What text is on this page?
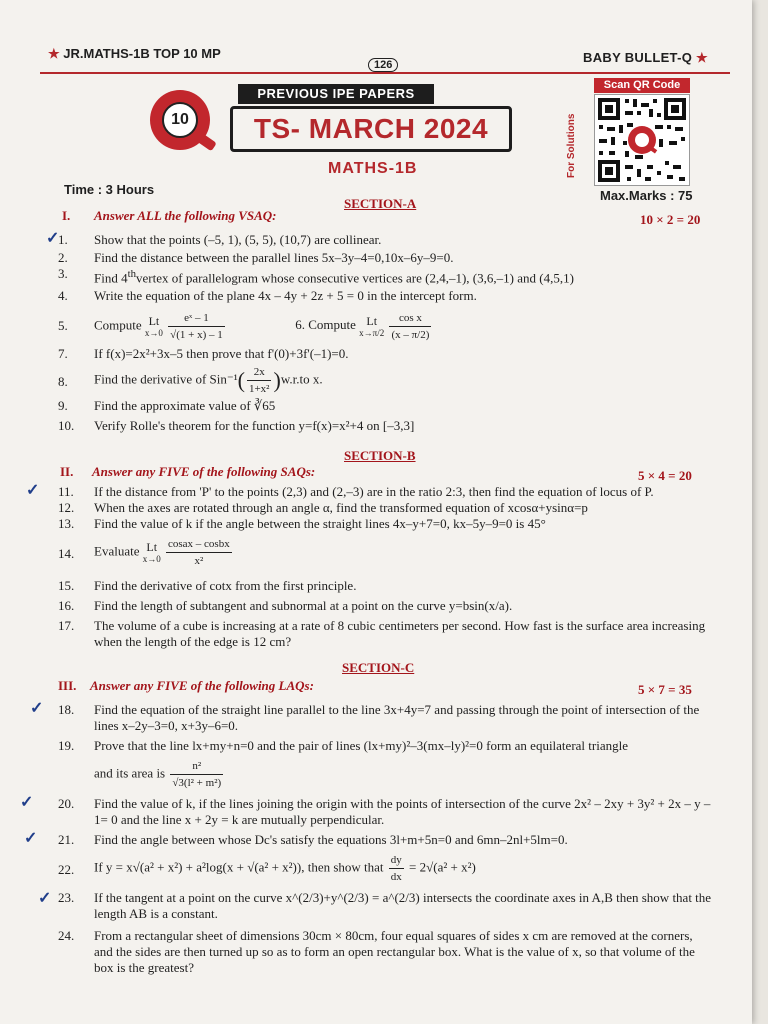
★ JR.MATHS-1B TOP 10 MP	BABY BULLET-Q ★
126
10
PREVIOUS IPE PAPERS
TS- MARCH 2024
MATHS-1B
Scan QR Code
For Solutions
Time : 3 Hours	Max.Marks : 75
SECTION-A
I. Answer ALL the following VSAQ:	10 × 2 = 20
1.	Show that the points (–5, 1), (5, 5), (10,7) are collinear.
2.	Find the distance between the parallel lines 5x–3y–4=0,10x–6y–9=0.
3.	Find 4thvertex of parallelogram whose consecutive vertices are (2,4,–1), (3,6,–1) and (4,5,1)
4.	Write the equation of the plane 4x – 4y + 2z + 5 = 0 in the intercept form.
5.	Compute Lt
x→0
$\frac{\text{eˣ – 1}}{√(1 + x) - 1}$	6. Compute Lt
x→π/2
$\frac{\text{cos x}}{(x - \pi/2)}$
7.	If f(x)=2x²+3x–5 then prove that f'(0)+3f'(–1)=0.
8.	Find the derivative of $Sin^{-1}( \frac{2x}{\text{1+x²}} )w.r.to$ x.
9.	Find the approximate value of ∛65
10.	Verify Rolle's theorem for the function y=f(x)=x²+4 on [–3,3]
SECTION-B
II. Answer any FIVE of the following SAQs:	5 × 4 = 20
11.	If the distance from 'P' to the points (2,3) and (2,–3) are in the ratio 2:3, then find the equation of locus of P.
12.	When the axes are rotated through an angle α, find the transformed equation of xcosα+ysinα=p
13.	Find the value of k if the angle between the straight lines 4x–y+7=0, kx–5y–9=0 is 45°
14.	Evaluate Lt
x→0
$\frac{\text{cosax – cosbx}}{\text{x²}}$
15.	Find the derivative of cotx from the first principle.
16.	Find the length of subtangent and subnormal at a point on the curve y=bsin(x/a).
17.	The volume of a cube is increasing at a rate of 8 cubic centimeters per second. How fast is the surface area increasing when the length of the edge is 12 cm?
SECTION-C
III. Answer any FIVE of the following LAQs:	5 × 7 = 35
18.	Find the equation of the straight line parallel to the line 3x+4y=7 and passing through the point of intersection of the lines x–2y–3=0, x+3y–6=0.
19.	Prove that the line lx+my+n=0 and the pair of lines (lx+my)²–3(mx–ly)²=0 form an equilateral triangle
and its area is $\frac{\text{n²}}{\text{√3(l² + m²)}}$
20.	Find the value of k, if the lines joining the origin with the points of intersection of the curve 2x² – 2xy + 3y² + 2x – y – 1= 0 and the line x + 2y = k are mutually perpendicular.
21.	Find the angle between whose Dc's satisfy the equations 3l+m+5n=0 and 6mn–2nl+5lm=0.
22.	If y = x√(a² + x²) + a²log(x + √(a² + x²)), then show that $\frac{dy}{dx} = 2√(a^2 + x^2)$
23.	If the tangent at a point on the curve x^(2/3)+y^(2/3) = a^(2/3) intersects the coordinate axes in A,B then show that the length AB is a constant.
24.	From a rectangular sheet of dimensions 30cm × 80cm, four equal squares of sides x cm are removed at the corners, and the sides are then turned up so as to form an open rectangular box. What is the value of x, so that volume of the box is the greatest?
✓
✓
✓
✓
✓
✓
